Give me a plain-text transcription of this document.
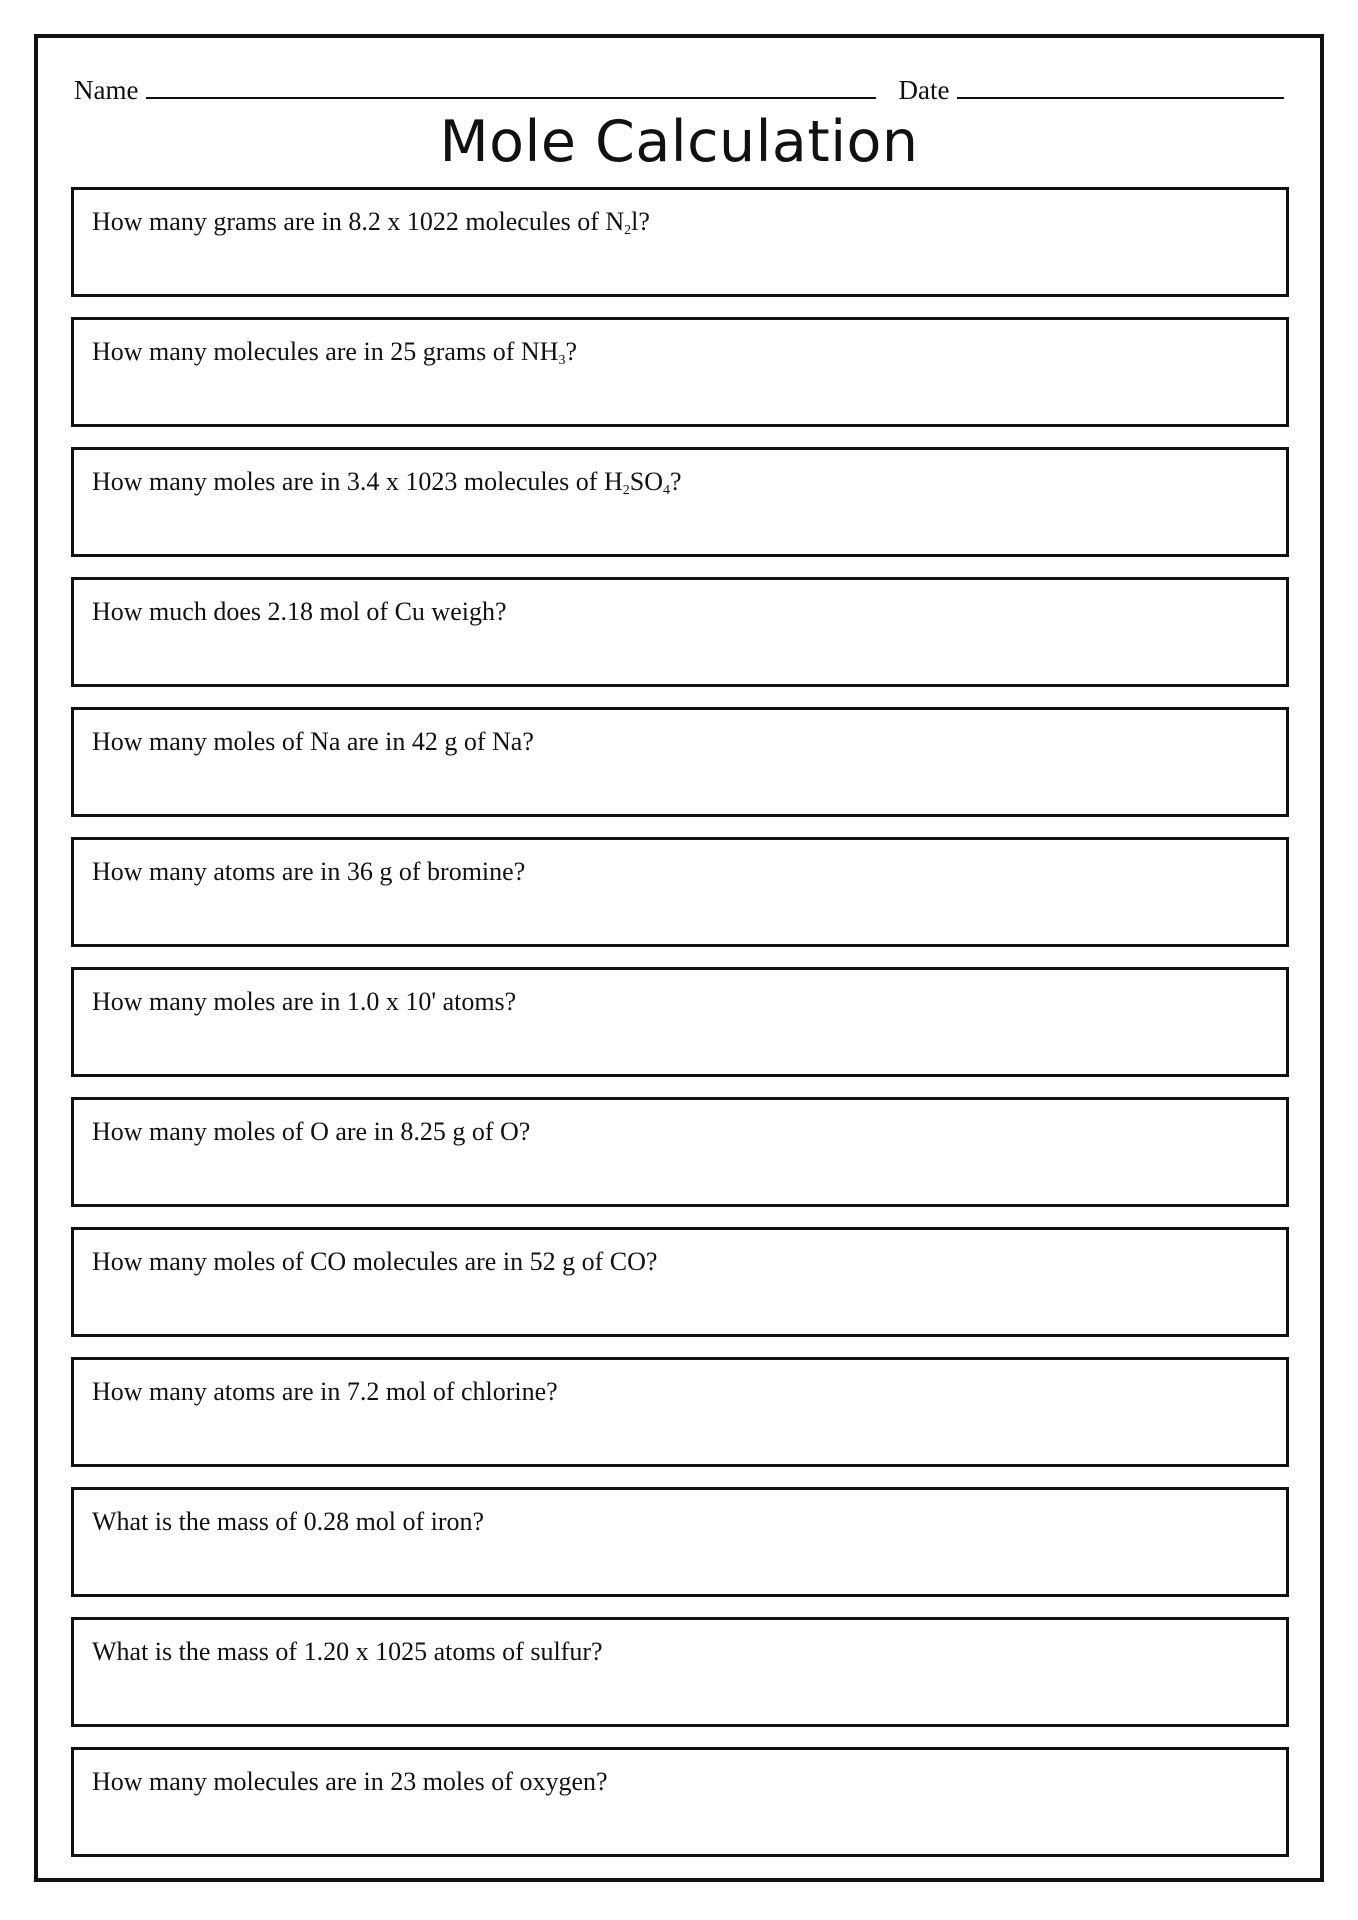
Name	Date
Mole Calculation
How many grams are in 8.2 x 1022 molecules of $N_2l$?
How many molecules are in 25 grams of $NH_3$?
How many moles are in 3.4 x 1023 molecules of $H_2SO_4$?
How much does 2.18 mol of Cu weigh?
How many moles of Na are in 42 g of Na?
How many atoms are in 36 g of bromine?
How many moles are in 1.0 x 10' atoms?
How many moles of O are in 8.25 g of O?
How many moles of CO molecules are in 52 g of CO?
How many atoms are in 7.2 mol of chlorine?
What is the mass of 0.28 mol of iron?
What is the mass of 1.20 x 1025 atoms of sulfur?
How many molecules are in 23 moles of oxygen?
